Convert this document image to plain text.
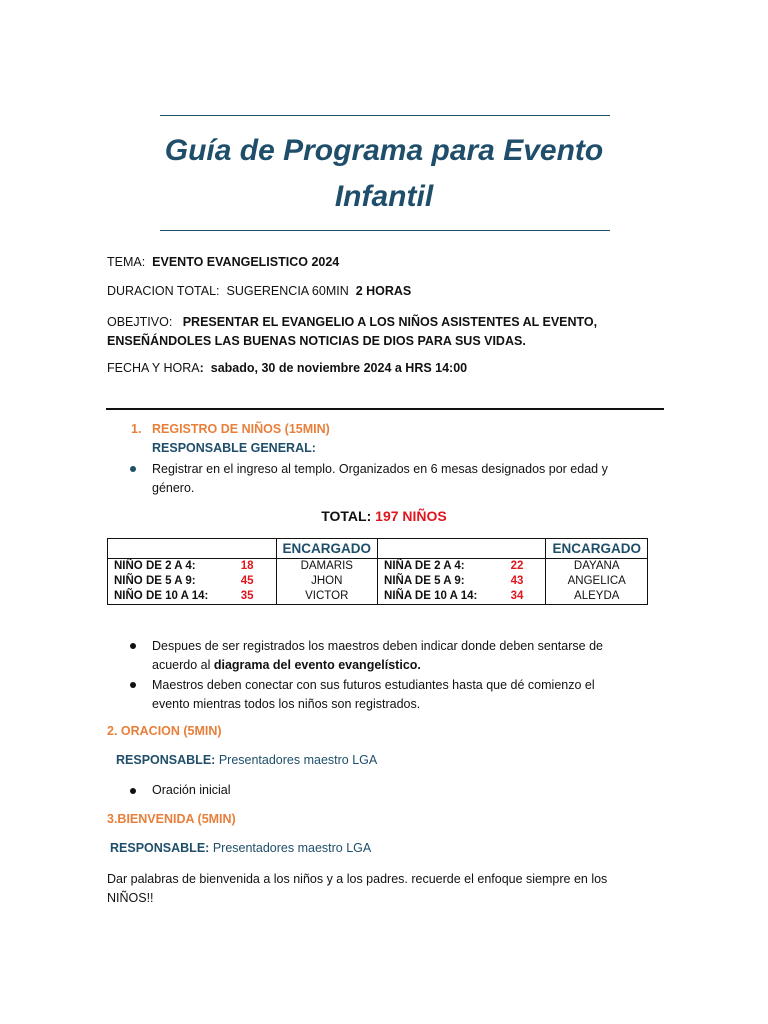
Guía de Programa para Evento
Infantil
TEMA: EVENTO EVANGELISTICO 2024
DURACION TOTAL: SUGERENCIA 60MIN 2 HORAS
OBEJTIVO: PRESENTAR EL EVANGELIO A LOS NIÑOS ASISTENTES AL EVENTO,
ENSEÑÁNDOLES LAS BUENAS NOTICIAS DE DIOS PARA SUS VIDAS.
FECHA Y HORA: sabado, 30 de noviembre 2024 a HRS 14:00
1. REGISTRO DE NIÑOS (15MIN)
RESPONSABLE GENERAL:
Registrar en el ingreso al templo. Organizados en 6 mesas designados por edad y
género.
TOTAL: 197 NIÑOS
		ENCARGADO			ENCARGADO
NIÑO DE 2 A 4:	18	DAMARIS	NIÑA DE 2 A 4:	22	DAYANA
NIÑO DE 5 A 9:	45	JHON	NIÑA DE 5 A 9:	43	ANGELICA
NIÑO DE 10 A 14:	35	VICTOR	NIÑA DE 10 A 14:	34	ALEYDA
Despues de ser registrados los maestros deben indicar donde deben sentarse de
acuerdo al diagrama del evento evangelístico.
Maestros deben conectar con sus futuros estudiantes hasta que dé comienzo el
evento mientras todos los niños son registrados.
2. ORACION (5MIN)
RESPONSABLE: Presentadores maestro LGA
Oración inicial
3.BIENVENIDA (5MIN)
RESPONSABLE: Presentadores maestro LGA
Dar palabras de bienvenida a los niños y a los padres. recuerde el enfoque siempre en los
NIÑOS!!
